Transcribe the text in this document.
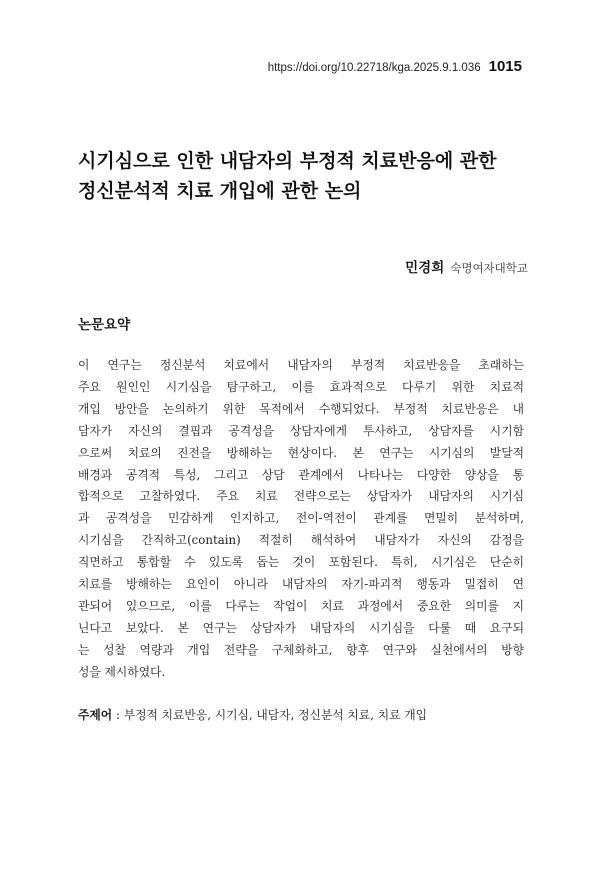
https://doi.org/10.22718/kga.2025.9.1.036 1015
시기심으로 인한 내담자의 부정적 치료반응에 관한
정신분석적 치료 개입에 관한 논의
민경희 숙명여자대학교
논문요약

이 연구는 정신분석 치료에서 내담자의 부정적 치료반응을 초래하는
주요 원인인 시기심을 탐구하고, 이를 효과적으로 다루기 위한 치료적
개입 방안을 논의하기 위한 목적에서 수행되었다. 부정적 치료반응은 내
담자가 자신의 결핍과 공격성을 상담자에게 투사하고, 상담자를 시기함
으로써 치료의 진전을 방해하는 현상이다. 본 연구는 시기심의 발달적
배경과 공격적 특성, 그리고 상담 관계에서 나타나는 다양한 양상을 통
합적으로 고찰하였다. 주요 치료 전략으로는 상담자가 내담자의 시기심
과 공격성을 민감하게 인지하고, 전이-역전이 관계를 면밀히 분석하며,
시기심을 간직하고(contain) 적절히 해석하여 내담자가 자신의 감정을
직면하고 통합할 수 있도록 돕는 것이 포함된다. 특히, 시기심은 단순히
치료를 방해하는 요인이 아니라 내담자의 자기-파괴적 행동과 밀접히 연
관되어 있으므로, 이를 다루는 작업이 치료 과정에서 중요한 의미를 지
닌다고 보았다. 본 연구는 상담자가 내담자의 시기심을 다룰 때 요구되
는 성찰 역량과 개입 전략을 구체화하고, 향후 연구와 실천에서의 방향
성을 제시하였다.

주제어 : 부정적 치료반응, 시기심, 내담자, 정신분석 치료, 치료 개입
